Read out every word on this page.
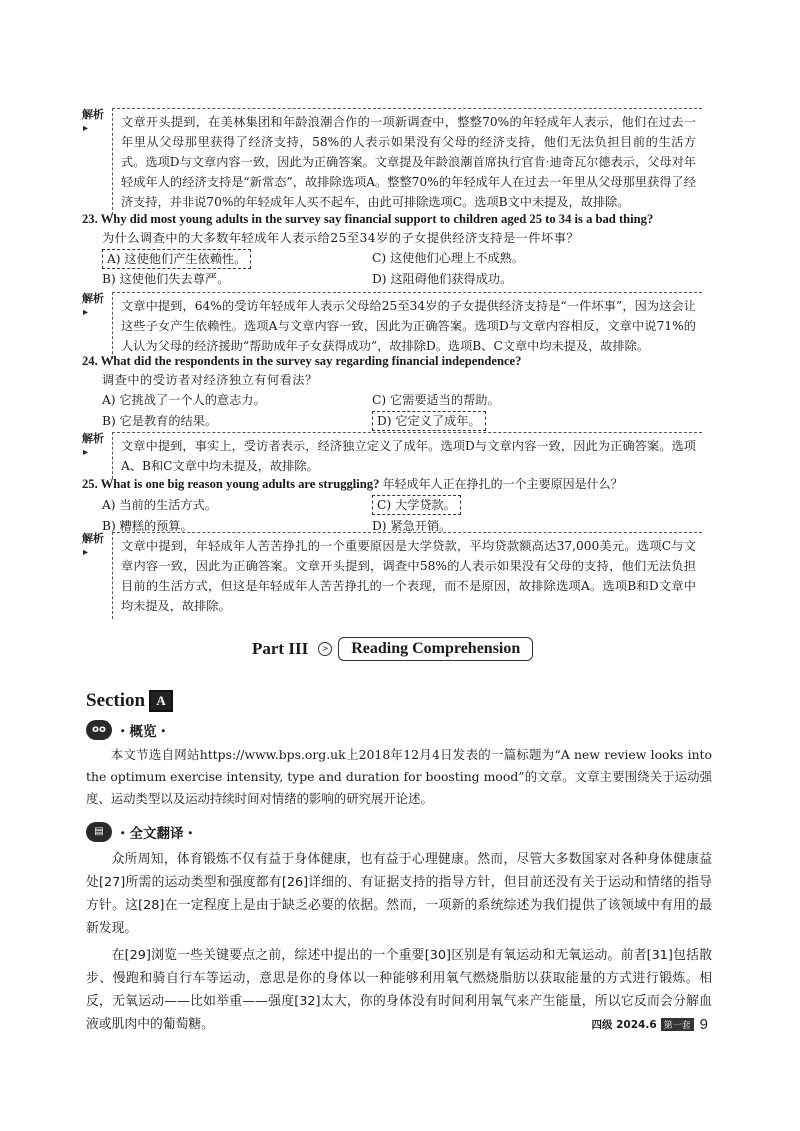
解析▸	文章开头提到，在美林集团和年龄浪潮合作的一项新调查中，整整70%的年轻成年人表示，他们在过去一年里从父母那里获得了经济支持，58%的人表示如果没有父母的经济支持，他们无法负担目前的生活方式。选项D与文章内容一致，因此为正确答案。文章提及年龄浪潮首席执行官肯·迪奇瓦尔德表示，父母对年轻成年人的经济支持是“新常态”，故排除选项A。整整70%的年轻成年人在过去一年里从父母那里获得了经济支持，并非说70%的年轻成年人买不起车，由此可排除选项C。选项B文中未提及，故排除。
23. Why did most young adults in the survey say financial support to children aged 25 to 34 is a bad thing?
为什么调查中的大多数年轻成年人表示给25至34岁的子女提供经济支持是一件坏事？
A) 这使他们产生依赖性。	C) 这使他们心理上不成熟。
B) 这使他们失去尊严。	D) 这阻碍他们获得成功。
解析▸	文章中提到，64%的受访年轻成年人表示父母给25至34岁的子女提供经济支持是“一件坏事”，因为这会让这些子女产生依赖性。选项A与文章内容一致，因此为正确答案。选项D与文章内容相反，文章中说71%的人认为父母的经济援助“帮助成年子女获得成功”，故排除D。选项B、C文章中均未提及，故排除。
24. What did the respondents in the survey say regarding financial independence?
调查中的受访者对经济独立有何看法？
A) 它挑战了一个人的意志力。	C) 它需要适当的帮助。
B) 它是教育的结果。	D) 它定义了成年。
解析▸	文章中提到，事实上，受访者表示，经济独立定义了成年。选项D与文章内容一致，因此为正确答案。选项A、B和C文章中均未提及，故排除。
25. What is one big reason young adults are struggling? 年轻成年人正在挣扎的一个主要原因是什么？
A) 当前的生活方式。	C) 大学贷款。
B) 糟糕的预算。	D) 紧急开销。
解析▸	文章中提到，年轻成年人苦苦挣扎的一个重要原因是大学贷款，平均贷款额高达37,000美元。选项C与文章内容一致，因此为正确答案。文章开头提到，调查中58%的人表示如果没有父母的支持，他们无法负担目前的生活方式，但这是年轻成年人苦苦挣扎的一个表现，而不是原因，故排除选项A。选项B和D文章中均未提及，故排除。
Part III	>	Reading Comprehension
Section A
oo ・概览・
本文节选自网站https://www.bps.org.uk上2018年12月4日发表的一篇标题为“A new review looks into the optimum exercise intensity, type and duration for boosting mood”的文章。文章主要围绕关于运动强度、运动类型以及运动持续时间对情绪的影响的研究展开论述。
▤ ・全文翻译・
众所周知，体育锻炼不仅有益于身体健康，也有益于心理健康。然而，尽管大多数国家对各种身体健康益处[27]所需的运动类型和强度都有[26]详细的、有证据支持的指导方针，但目前还没有关于运动和情绪的指导方针。这[28]在一定程度上是由于缺乏必要的依据。然而，一项新的系统综述为我们提供了该领域中有用的最新发现。
在[29]浏览一些关键要点之前，综述中提出的一个重要[30]区别是有氧运动和无氧运动。前者[31]包括散步、慢跑和骑自行车等运动，意思是你的身体以一种能够利用氧气燃烧脂肪以获取能量的方式进行锻炼。相反，无氧运动——比如举重——强度[32]太大，你的身体没有时间利用氧气来产生能量，所以它反而会分解血液或肌肉中的葡萄糖。	四级 2024.6 第一套 9
